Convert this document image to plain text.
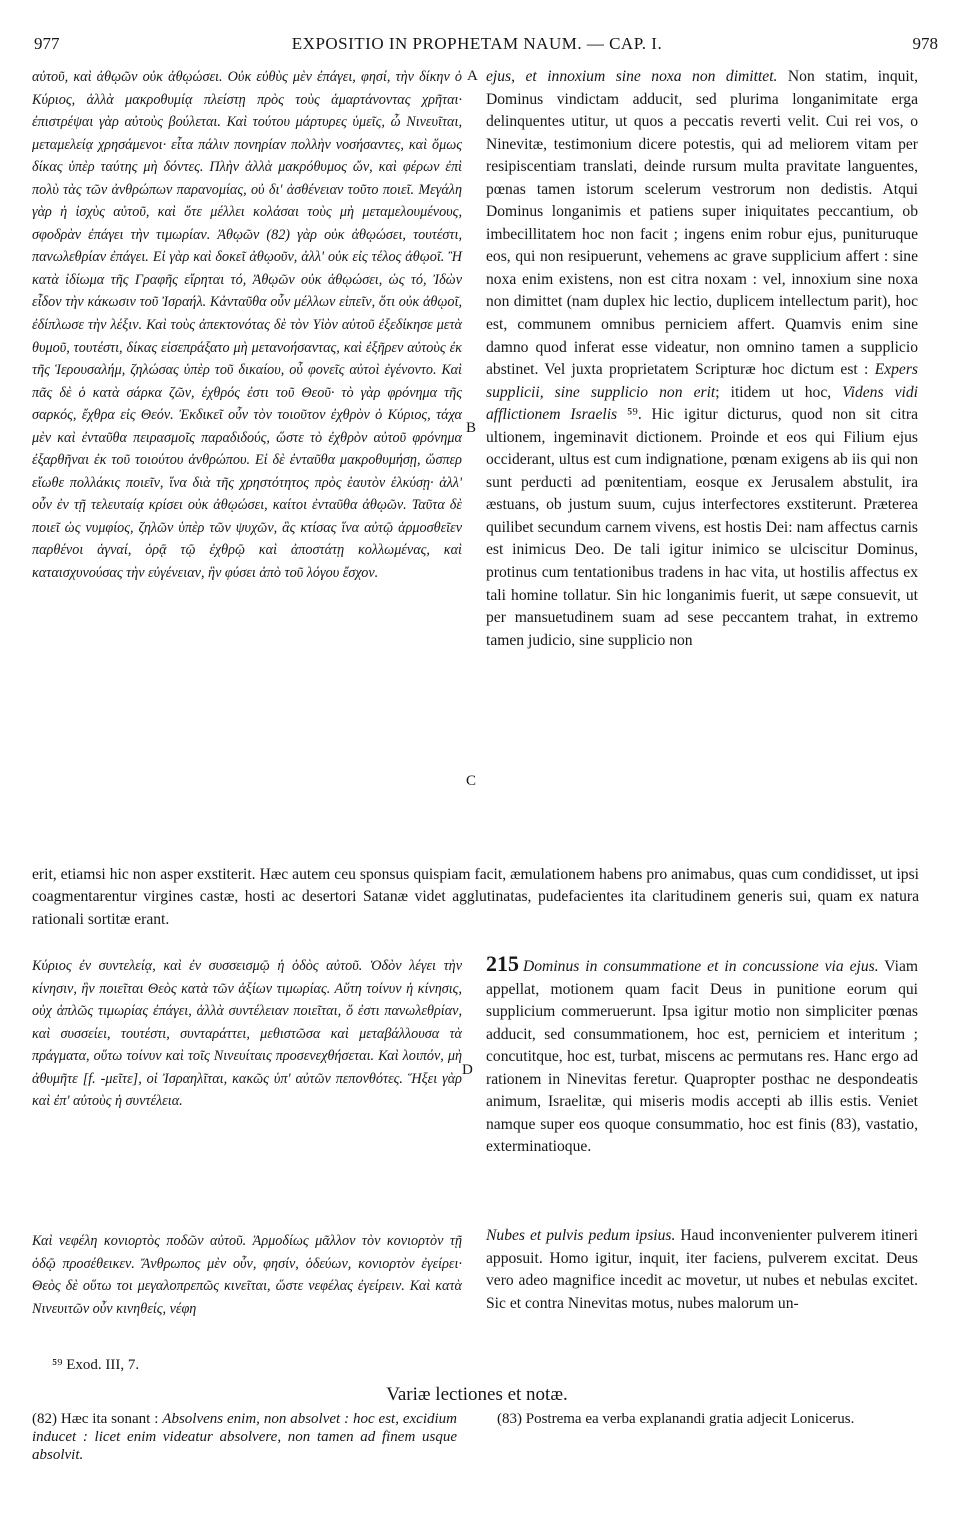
977	EXPOSITIO IN PROPHETAM NAUM. — CAP. I.	978

αὐτοῦ, καὶ ἀθῳῶν οὐκ ἀθῳώσει. Οὐκ εὐθὺς μὲν ἐπάγει, φησί, τὴν δίκην ὁ Κύριος, ἀλλὰ μακροθυμίᾳ πλείστῃ πρὸς τοὺς ἁμαρτάνοντας χρῆται· ἐπιστρέψαι γὰρ αὐτοὺς βούλεται. Καὶ τούτου μάρτυρες ὑμεῖς, ὦ Νινευῖται, μεταμελείᾳ χρησάμενοι· εἶτα πάλιν πονηρίαν πολλὴν νοσήσαντες, καὶ ὅμως δίκας ὑπὲρ ταύτης μὴ δόντες. Πλὴν ἀλλὰ μακρόθυμος ὤν, καὶ φέρων ἐπὶ πολὺ τὰς τῶν ἀνθρώπων παρανομίας, οὐ δι' ἀσθένειαν τοῦτο ποιεῖ. Μεγάλη γὰρ ἡ ἰσχὺς αὐτοῦ, καὶ ὅτε μέλλει κολάσαι τοὺς μὴ μεταμελουμένους, σφοδρὰν ἐπάγει τὴν τιμωρίαν. Ἀθῳῶν (82) γὰρ οὐκ ἀθῳώσει, τουτέστι, πανωλεθρίαν ἐπάγει. Εἰ γὰρ καὶ δοκεῖ ἀθῳοῦν, ἀλλ' οὐκ εἰς τέλος ἀθῳοῖ. Ἢ κατὰ ἰδίωμα τῆς Γραφῆς εἴρηται τό, Ἀθῳῶν οὐκ ἀθῳώσει, ὡς τό, Ἰδὼν εἶδον τὴν κάκωσιν τοῦ Ἰσραήλ. Κἀνταῦθα οὖν μέλλων εἰπεῖν, ὅτι οὐκ ἀθῳοῖ, ἐδίπλωσε τὴν λέξιν. Καὶ τοὺς ἀπεκτονότας δὲ τὸν Υἱὸν αὐτοῦ ἐξεδίκησε μετὰ θυμοῦ, τουτέστι, δίκας εἰσεπράξατο μὴ μετανοήσαντας, καὶ ἐξῆρεν αὐτοὺς ἐκ τῆς Ἱερουσαλήμ, ζηλώσας ὑπὲρ τοῦ δικαίου, οὗ φονεῖς αὐτοὶ ἐγένοντο. Καὶ πᾶς δὲ ὁ κατὰ σάρκα ζῶν, ἐχθρός ἐστι τοῦ Θεοῦ· τὸ γὰρ φρόνημα τῆς σαρκός, ἔχθρα εἰς Θεόν. Ἐκδικεῖ οὖν τὸν τοιοῦτον ἐχθρὸν ὁ Κύριος, τάχα μὲν καὶ ἐνταῦθα πειρασμοῖς παραδιδούς, ὥστε τὸ ἐχθρὸν αὐτοῦ φρόνημα ἐξαρθῆναι ἐκ τοῦ τοιούτου ἀνθρώπου. Εἰ δὲ ἐνταῦθα μακροθυμήσῃ, ὥσπερ εἴωθε πολλάκις ποιεῖν, ἵνα διὰ τῆς χρηστότητος πρὸς ἑαυτὸν ἑλκύσῃ· ἀλλ' οὖν ἐν τῇ τελευταίᾳ κρίσει οὐκ ἀθῳώσει, καίτοι ἐνταῦθα ἀθῳῶν. Ταῦτα δὲ ποιεῖ ὡς νυμφίος, ζηλῶν ὑπὲρ τῶν ψυχῶν, ἃς κτίσας ἵνα αὐτῷ ἁρμοσθεῖεν παρθένοι ἁγναί, ὁρᾷ τῷ ἐχθρῷ καὶ ἀποστάτῃ κολλωμένας, καὶ καταισχυνούσας τὴν εὐγένειαν, ἣν φύσει ἀπὸ τοῦ λόγου ἔσχον.

ejus, et innoxium sine noxa non dimittet. Non statim, inquit, Dominus vindictam adducit, sed plurima longanimitate erga delinquentes utitur, ut quos a peccatis reverti velit. Cui rei vos, o Ninevitæ, testimonium dicere potestis, qui ad meliorem vitam per resipiscentiam translati, deinde rursum multa pravitate languentes, pœnas tamen istorum scelerum vestrorum non dedistis. Atqui Dominus longanimis et patiens super iniquitates peccantium, ob imbecillitatem hoc non facit ; ingens enim robur ejus, punituruque eos, qui non resipuerunt, vehemens ac grave supplicium affert : sine noxa enim existens, non est citra noxam : vel, innoxium sine noxa non dimittet (nam duplex hic lectio, duplicem intellectum parit), hoc est, communem omnibus perniciem affert. Quamvis enim sine damno quod inferat esse videatur, non omnino tamen a supplicio abstinet. Vel juxta proprietatem Scripturæ hoc dictum est : Expers supplicii, sine supplicio non erit; itidem ut hoc, Videns vidi afflictionem Israelis ⁵⁹. Hic igitur dicturus, quod non sit citra ultionem, ingeminavit dictionem. Proinde et eos qui Filium ejus occiderant, ultus est cum indignatione, pœnam exigens ab iis qui non sunt perducti ad pœnitentiam, eosque ex Jerusalem abstulit, ira æstuans, ob justum suum, cujus interfectores exstiterunt. Præterea quilibet secundum carnem vivens, est hostis Dei: nam affectus carnis est inimicus Deo. De tali igitur inimico se ulciscitur Dominus, protinus cum tentationibus tradens in hac vita, ut hostilis affectus ex tali homine tollatur. Sin hic longanimis fuerit, ut sæpe consuevit, ut per mansuetudinem suam ad sese peccantem trahat, in extremo tamen judicio, sine supplicio non

A
B
C
D
erit, etiamsi hic non asper exstiterit. Hæc autem ceu sponsus quispiam facit, æmulationem habens pro animabus, quas cum condidisset, ut ipsi coagmentarentur virgines castæ, hosti ac desertori Satanæ videt agglutinatas, pudefacientes ita claritudinem generis sui, quam ex natura rationali sortitæ erant.

Κύριος ἐν συντελείᾳ, καὶ ἐν συσσεισμῷ ἡ ὁδὸς αὐτοῦ. Ὁδὸν λέγει τὴν κίνησιν, ἣν ποιεῖται Θεὸς κατὰ τῶν ἀξίων τιμωρίας. Αὕτη τοίνυν ἡ κίνησις, οὐχ ἁπλῶς τιμωρίας ἐπάγει, ἀλλὰ συντέλειαν ποιεῖται, ὅ ἐστι πανωλεθρίαν, καὶ συσσείει, τουτέστι, συνταράττει, μεθιστῶσα καὶ μεταβάλλουσα τὰ πράγματα, οὕτω τοίνυν καὶ τοῖς Νινευίταις προσενεχθήσεται. Καὶ λοιπόν, μὴ ἀθυμῆτε [f. -μεῖτε], οἱ Ἰσραηλῖται, κακῶς ὑπ' αὐτῶν πεπονθότες. Ἥξει γὰρ καὶ ἐπ' αὐτοὺς ἡ συντέλεια.

215 Dominus in consummatione et in concussione via ejus. Viam appellat, motionem quam facit Deus in punitione eorum qui supplicium commeruerunt. Ipsa igitur motio non simpliciter pœnas adducit, sed consummationem, hoc est, perniciem et interitum ; concutitque, hoc est, turbat, miscens ac permutans res. Hanc ergo ad rationem in Ninevitas feretur. Quapropter posthac ne despondeatis animum, Israelitæ, qui miseris modis accepti ab illis estis. Veniet namque super eos quoque consummatio, hoc est finis (83), vastatio, exterminatioque.

Καὶ νεφέλη κονιορτὸς ποδῶν αὐτοῦ. Ἁρμοδίως μᾶλλον τὸν κονιορτὸν τῇ ὁδῷ προσέθεικεν. Ἄνθρωπος μὲν οὖν, φησίν, ὁδεύων, κονιορτὸν ἐγείρει· Θεὸς δὲ οὕτω τοι μεγαλοπρεπῶς κινεῖται, ὥστε νεφέλας ἐγείρειν. Καὶ κατὰ Νινευιτῶν οὖν κινηθείς, νέφη

Nubes et pulvis pedum ipsius. Haud inconvenienter pulverem itineri apposuit. Homo igitur, inquit, iter faciens, pulverem excitat. Deus vero adeo magnifice incedit ac movetur, ut nubes et nebulas excitet. Sic et contra Ninevitas motus, nubes malorum un-

⁵⁹ Exod. III, 7.
Variæ lectiones et notæ.
(82) Hæc ita sonant : Absolvens enim, non absolvet : hoc est, excidium inducet : licet enim videatur absolvere, non tamen ad finem usque absolvit.
(83) Postrema ea verba explanandi gratia adjecit Lonicerus.
